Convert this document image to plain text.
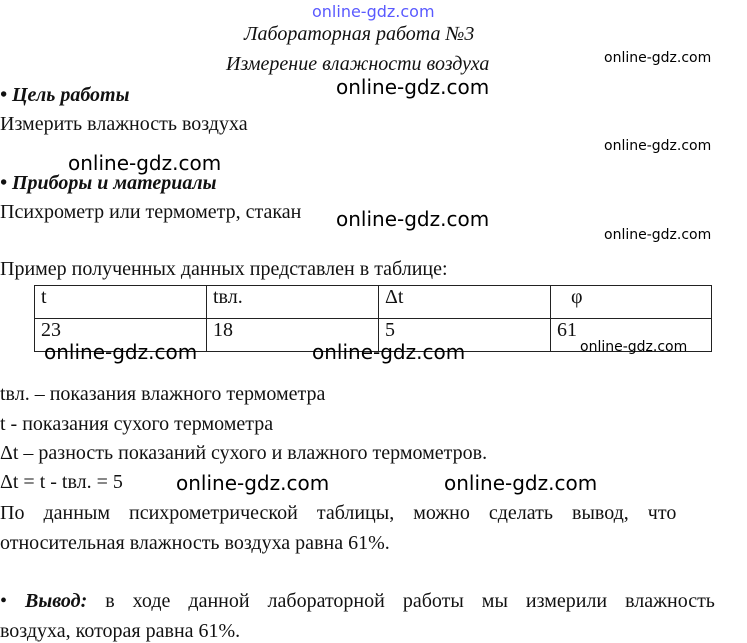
online-gdz.com
Лабораторная работа №3
Измерение влажности воздуха
• Цель работы
Измерить влажность воздуха
• Приборы и материалы
Психрометр или термометр, стакан
Пример полученных данных представлен в таблице:
t	tвл.	Δt	φ
23	18	5	61
tвл. – показания влажного термометра
t - показания сухого термометра
Δt – разность показаний сухого и влажного термометров.
Δt = t - tвл. = 5
По данным психрометрической таблицы, можно сделать вывод, что
относительная влажность воздуха равна 61%.
• Вывод: в ходе данной лабораторной работы мы измерили влажность
воздуха, которая равна 61%.
online-gdz.com
online-gdz.com
online-gdz.com
online-gdz.com
online-gdz.com
online-gdz.com
online-gdz.com	online-gdz.com	online-gdz.com
online-gdz.com	online-gdz.com
